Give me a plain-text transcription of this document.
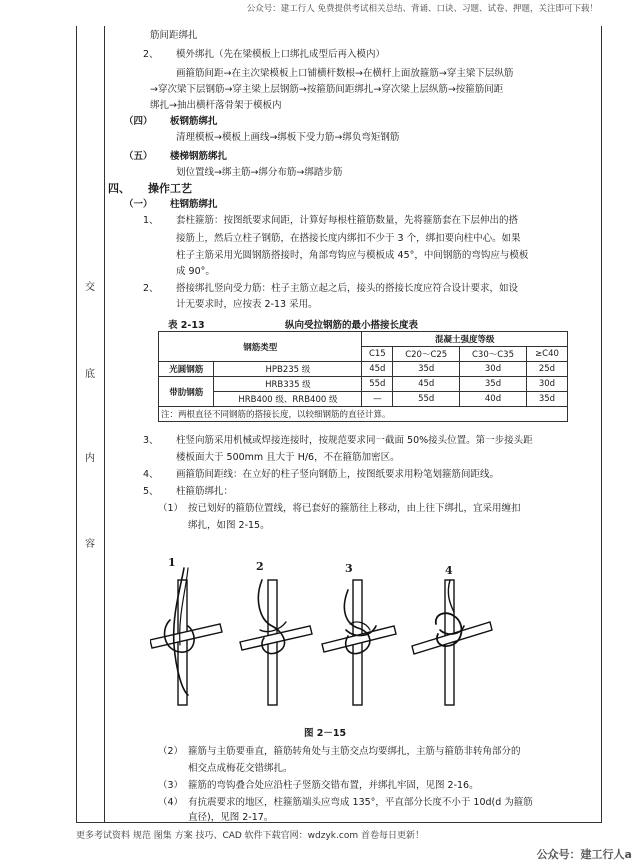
公众号：建工行人 免费提供考试相关总结、背诵、口诀、习题、试卷、押题，关注即可下载！
交
底
内
容
筋间距绑扎
2、 模外绑扎（先在梁模板上口绑扎成型后再入模内）
画箍筋间距→在主次梁模板上口铺横杆数根→在横杆上面放箍筋→穿主梁下层纵筋
→穿次梁下层钢筋→穿主梁上层钢筋→按箍筋间距绑扎→穿次梁上层纵筋→按箍筋间距
绑扎→抽出横杆落骨架于模板内
（四） 板钢筋绑扎
清理模板→模板上画线→绑板下受力筋→绑负弯矩钢筋
（五） 楼梯钢筋绑扎
划位置线→绑主筋→绑分布筋→绑踏步筋
四、 操作工艺
（一） 柱钢筋绑扎
1、 套柱箍筋：按图纸要求间距，计算好每根柱箍筋数量，先将箍筋套在下层伸出的搭
接筋上，然后立柱子钢筋，在搭接长度内绑扣不少于 3 个，绑扣要向柱中心。如果
柱子主筋采用光圆钢筋搭接时，角部弯钩应与模板成 45°，中间钢筋的弯钩应与模板
成 90°。
2、 搭接绑扎竖向受力筋：柱子主筋立起之后，接头的搭接长度应符合设计要求，如设
计无要求时，应按表 2-13 采用。
表 2-13	纵向受拉钢筋的最小搭接长度表
钢筋类型		混凝土强度等级			
		C15	C20～C25	C30～C35	≥C40
光圆钢筋	HPB235 级	45d	35d	30d	25d
带肋钢筋	HRB335 级	55d	45d	35d	30d
	HRB400 级、RRB400 级	—	55d	40d	35d
注：两根直径不同钢筋的搭接长度，以较细钢筋的直径计算。					
3、 柱竖向筋采用机械或焊接连接时，按规范要求同一截面 50%接头位置。第一步接头距
楼板面大于 500mm 且大于 H/6，不在箍筋加密区。
4、 画箍筋间距线：在立好的柱子竖向钢筋上，按图纸要求用粉笔划箍筋间距线。
5、 柱箍筋绑扎：
（1） 按已划好的箍筋位置线，将已套好的箍筋往上移动，由上往下绑扎，宜采用缠扣
绑扎，如图 2-15。
1	2	3	4
图 2－15
（2） 箍筋与主筋要垂直，箍筋转角处与主筋交点均要绑扎，主筋与箍筋非转角部分的
相交点成梅花交错绑扎。
（3） 箍筋的弯钩叠合处应沿柱子竖筋交错布置，并绑扎牢固，见图 2-16。
（4） 有抗震要求的地区，柱箍筋端头应弯成 135°，平直部分长度不小于 10d(d 为箍筋
直径)，见图 2-17。
更多考试资料 规范 图集 方案 技巧、CAD 软件下载官网：wdzyk.com 首卷每日更新！
公众号：建工行人a
